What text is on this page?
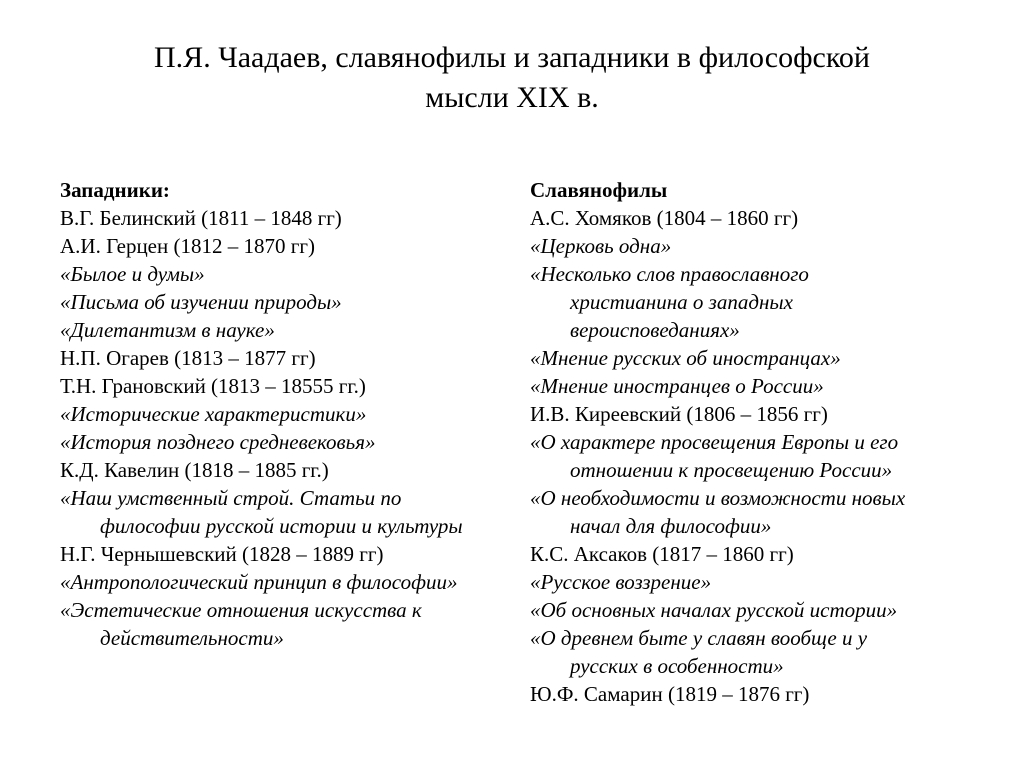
П.Я. Чаадаев, славянофилы и западники в философской
мысли XIX в.
Западники:
В.Г. Белинский (1811 – 1848 гг)
А.И. Герцен (1812 – 1870 гг)
«Былое и думы»
«Письма об изучении природы»
«Дилетантизм в науке»
Н.П. Огарев (1813 – 1877 гг)
Т.Н. Грановский (1813 – 18555 гг.)
«Исторические характеристики»
«История позднего средневековья»
К.Д. Кавелин (1818 – 1885 гг.)
«Наш умственный строй. Статьи по
философии русской истории и культуры
Н.Г. Чернышевский (1828 – 1889 гг)
«Антропологический принцип в философии»
«Эстетические отношения искусства к
действительности»
Славянофилы
А.С. Хомяков (1804 – 1860 гг)
«Церковь одна»
«Несколько слов православного
христианина о западных
вероисповеданиях»
«Мнение русских об иностранцах»
«Мнение иностранцев о России»
И.В. Киреевский (1806 – 1856 гг)
«О характере просвещения Европы и его
отношении к просвещению России»
«О необходимости и возможности новых
начал для философии»
К.С. Аксаков (1817 – 1860 гг)
«Русское воззрение»
«Об основных началах русской истории»
«О древнем быте у славян вообще и у
русских в особенности»
Ю.Ф. Самарин (1819 – 1876 гг)
